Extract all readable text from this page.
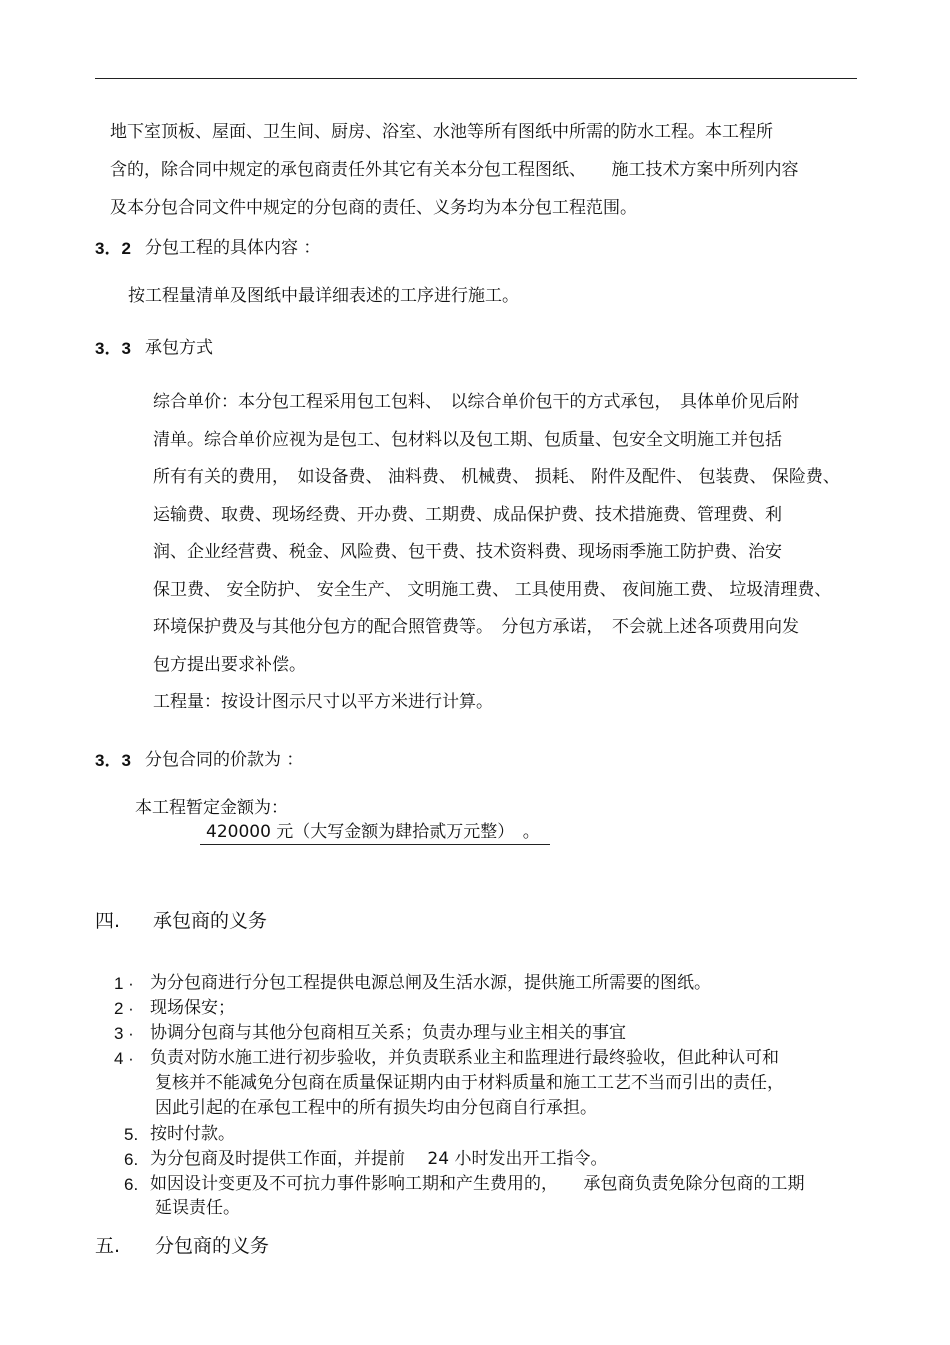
地下室顶板、屋面、卫生间、厨房、浴室、水池等所有图纸中所需的防水工程。本工程所
含的，除合同中规定的承包商责任外其它有关本分包工程图纸、　　施工技术方案中所列内容
及本分包合同文件中规定的分包商的责任、义务均为本分包工程范围。
3．2 分包工程的具体内容 ：
按工程量清单及图纸中最详细表述的工序进行施工。
3．3 承包方式
综合单价：本分包工程采用包工包料、　以综合单价包干的方式承包，　具体单价见后附
清单。综合单价应视为是包工、包材料以及包工期、包质量、包安全文明施工并包括
所有有关的费用，　如设备费、 油料费、 机械费、 损耗、 附件及配件、 包装费、 保险费、
运输费、取费、现场经费、开办费、工期费、成品保护费、技术措施费、管理费、利
润、企业经营费、税金、风险费、包干费、技术资料费、现场雨季施工防护费、治安
保卫费、 安全防护、 安全生产、 文明施工费、 工具使用费、 夜间施工费、 垃圾清理费、
环境保护费及与其他分包方的配合照管费等。　分包方承诺，　不会就上述各项费用向发
包方提出要求补偿。
工程量：按设计图示尺寸以平方米进行计算。
3．3 分包合同的价款为 ：
本工程暂定金额为：
420000 元（大写金额为肆拾贰万元整）　。
四. 承包商的义务
1 · 为分包商进行分包工程提供电源总闸及生活水源，提供施工所需要的图纸。
2 · 现场保安；
3 · 协调分包商与其他分包商相互关系；负责办理与业主相关的事宜
4 · 负责对防水施工进行初步验收，并负责联系业主和监理进行最终验收，但此种认可和
复核并不能减免分包商在质量保证期内由于材料质量和施工工艺不当而引出的责任，
因此引起的在承包工程中的所有损失均由分包商自行承担。
5. 按时付款。
6. 为分包商及时提供工作面，并提前　 24 小时发出开工指令。
6. 如因设计变更及不可抗力事件影响工期和产生费用的，　　承包商负责免除分包商的工期
延误责任。
五. 分包商的义务
